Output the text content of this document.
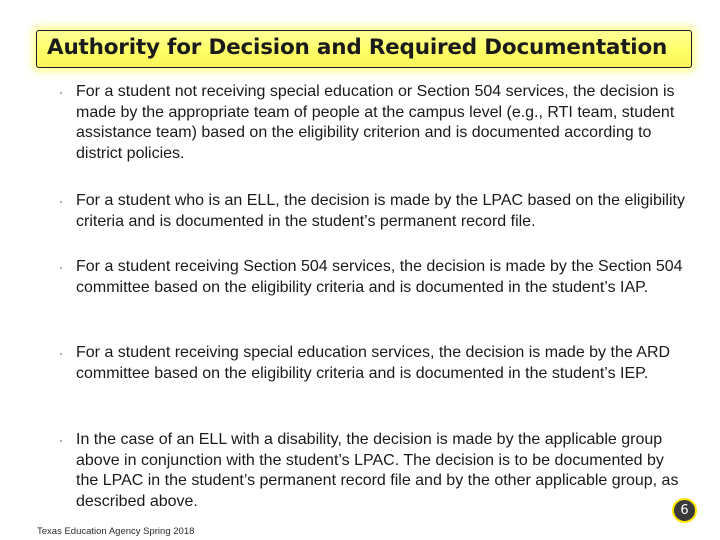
Authority for Decision and Required Documentation
For a student not receiving special education or Section 504 services, the decision is made by the appropriate team of people at the campus level (e.g., RTI team, student assistance team) based on the eligibility criterion and is documented according to district policies.
For a student who is an ELL, the decision is made by the LPAC based on the eligibility criteria and is documented in the student’s permanent record file.
For a student receiving Section 504 services, the decision is made by the Section 504 committee based on the eligibility criteria and is documented in the student’s IAP.
For a student receiving special education services, the decision is made by the ARD committee based on the eligibility criteria and is documented in the student’s IEP.
In the case of an ELL with a disability, the decision is made by the applicable group above in conjunction with the student’s LPAC. The decision is to be documented by the LPAC in the student’s permanent record file and by the other applicable group, as described above.
Texas Education Agency Spring 2018
6
